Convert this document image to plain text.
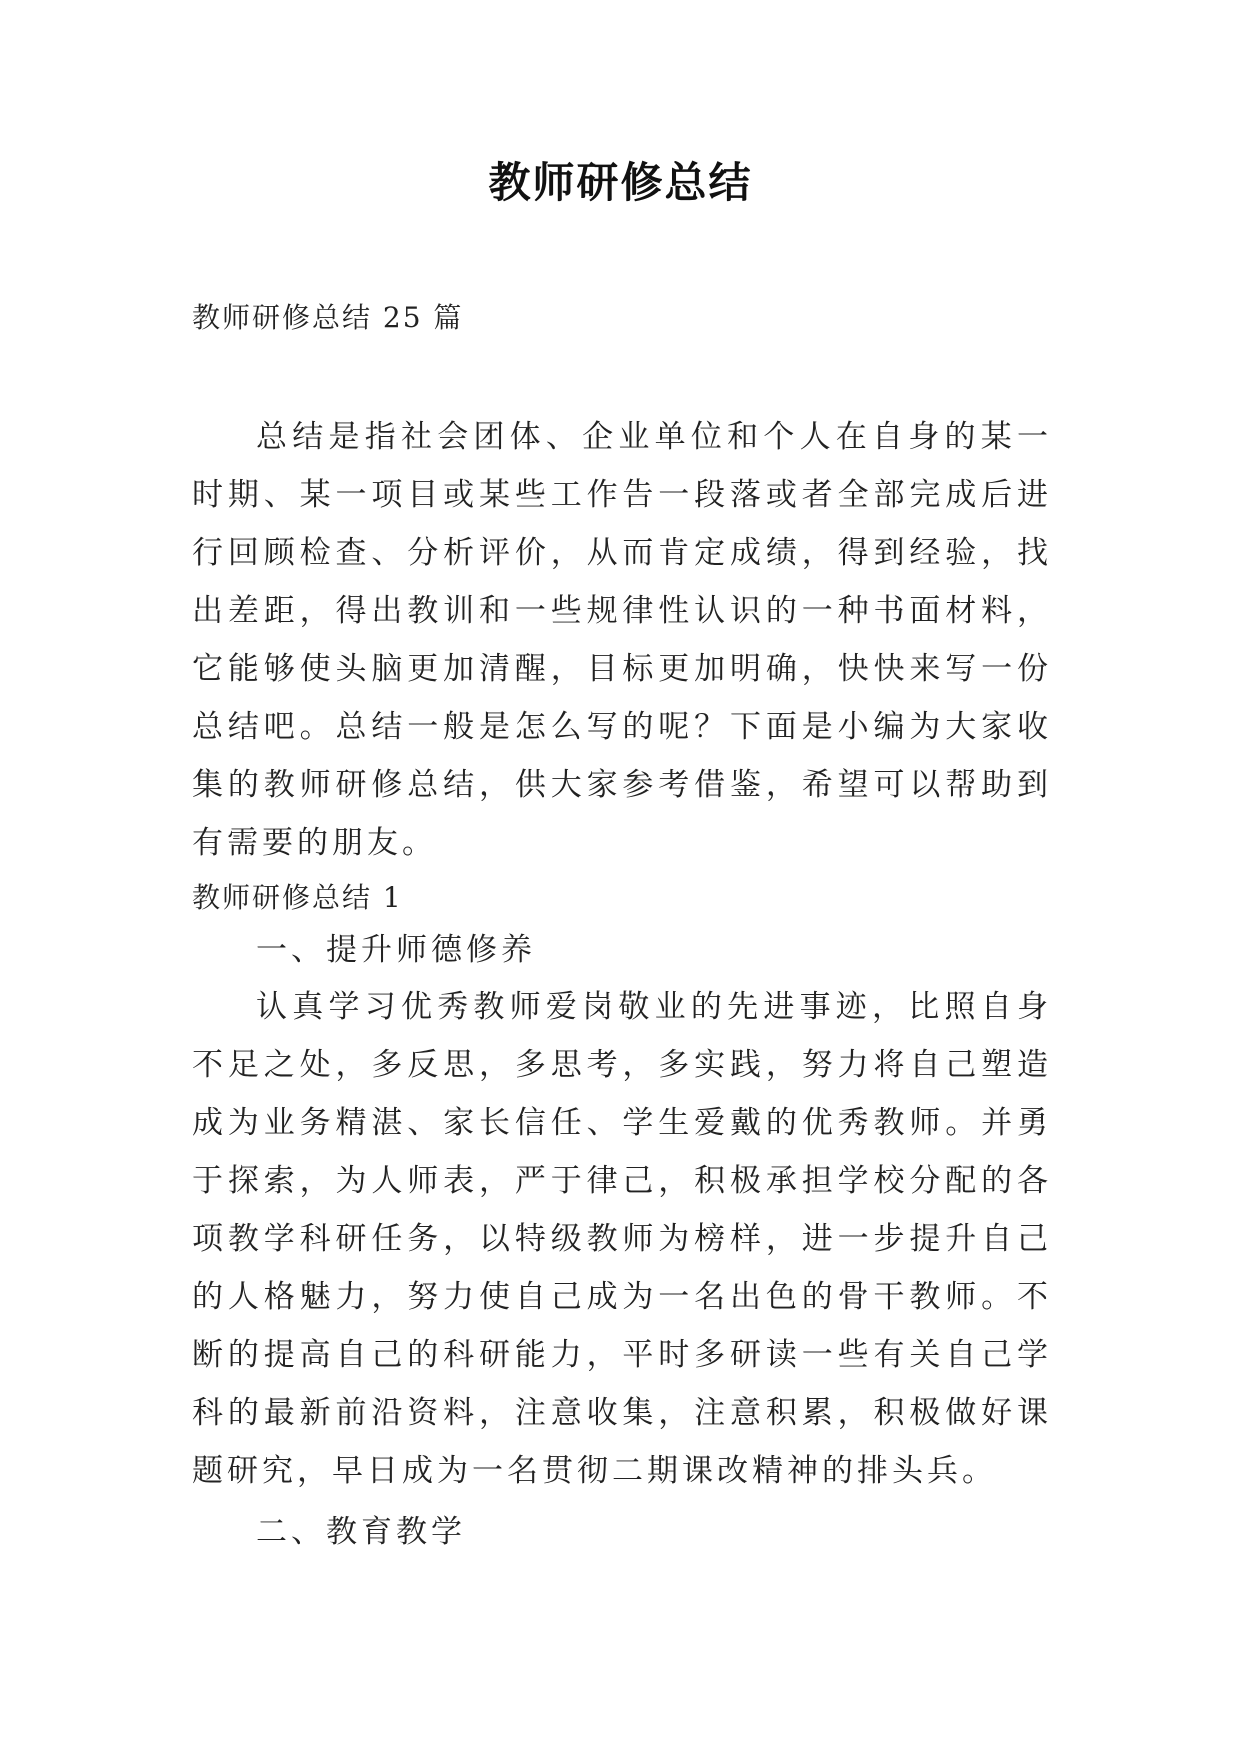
教师研修总结
教师研修总结 25 篇

总结是指社会团体、企业单位和个人在自身的某一时期、某一项目或某些工作告一段落或者全部完成后进行回顾检查、分析评价，从而肯定成绩，得到经验，找出差距，得出教训和一些规律性认识的一种书面材料，它能够使头脑更加清醒，目标更加明确，快快来写一份总结吧。总结一般是怎么写的呢？下面是小编为大家收集的教师研修总结，供大家参考借鉴，希望可以帮助到有需要的朋友。

教师研修总结 1
一、提升师德修养

认真学习优秀教师爱岗敬业的先进事迹，比照自身不足之处，多反思，多思考，多实践，努力将自己塑造成为业务精湛、家长信任、学生爱戴的优秀教师。并勇于探索，为人师表，严于律己，积极承担学校分配的各项教学科研任务，以特级教师为榜样，进一步提升自己的人格魅力，努力使自己成为一名出色的骨干教师。不断的提高自己的科研能力，平时多研读一些有关自己学科的最新前沿资料，注意收集，注意积累，积极做好课题研究，早日成为一名贯彻二期课改精神的排头兵。

二、教育教学
